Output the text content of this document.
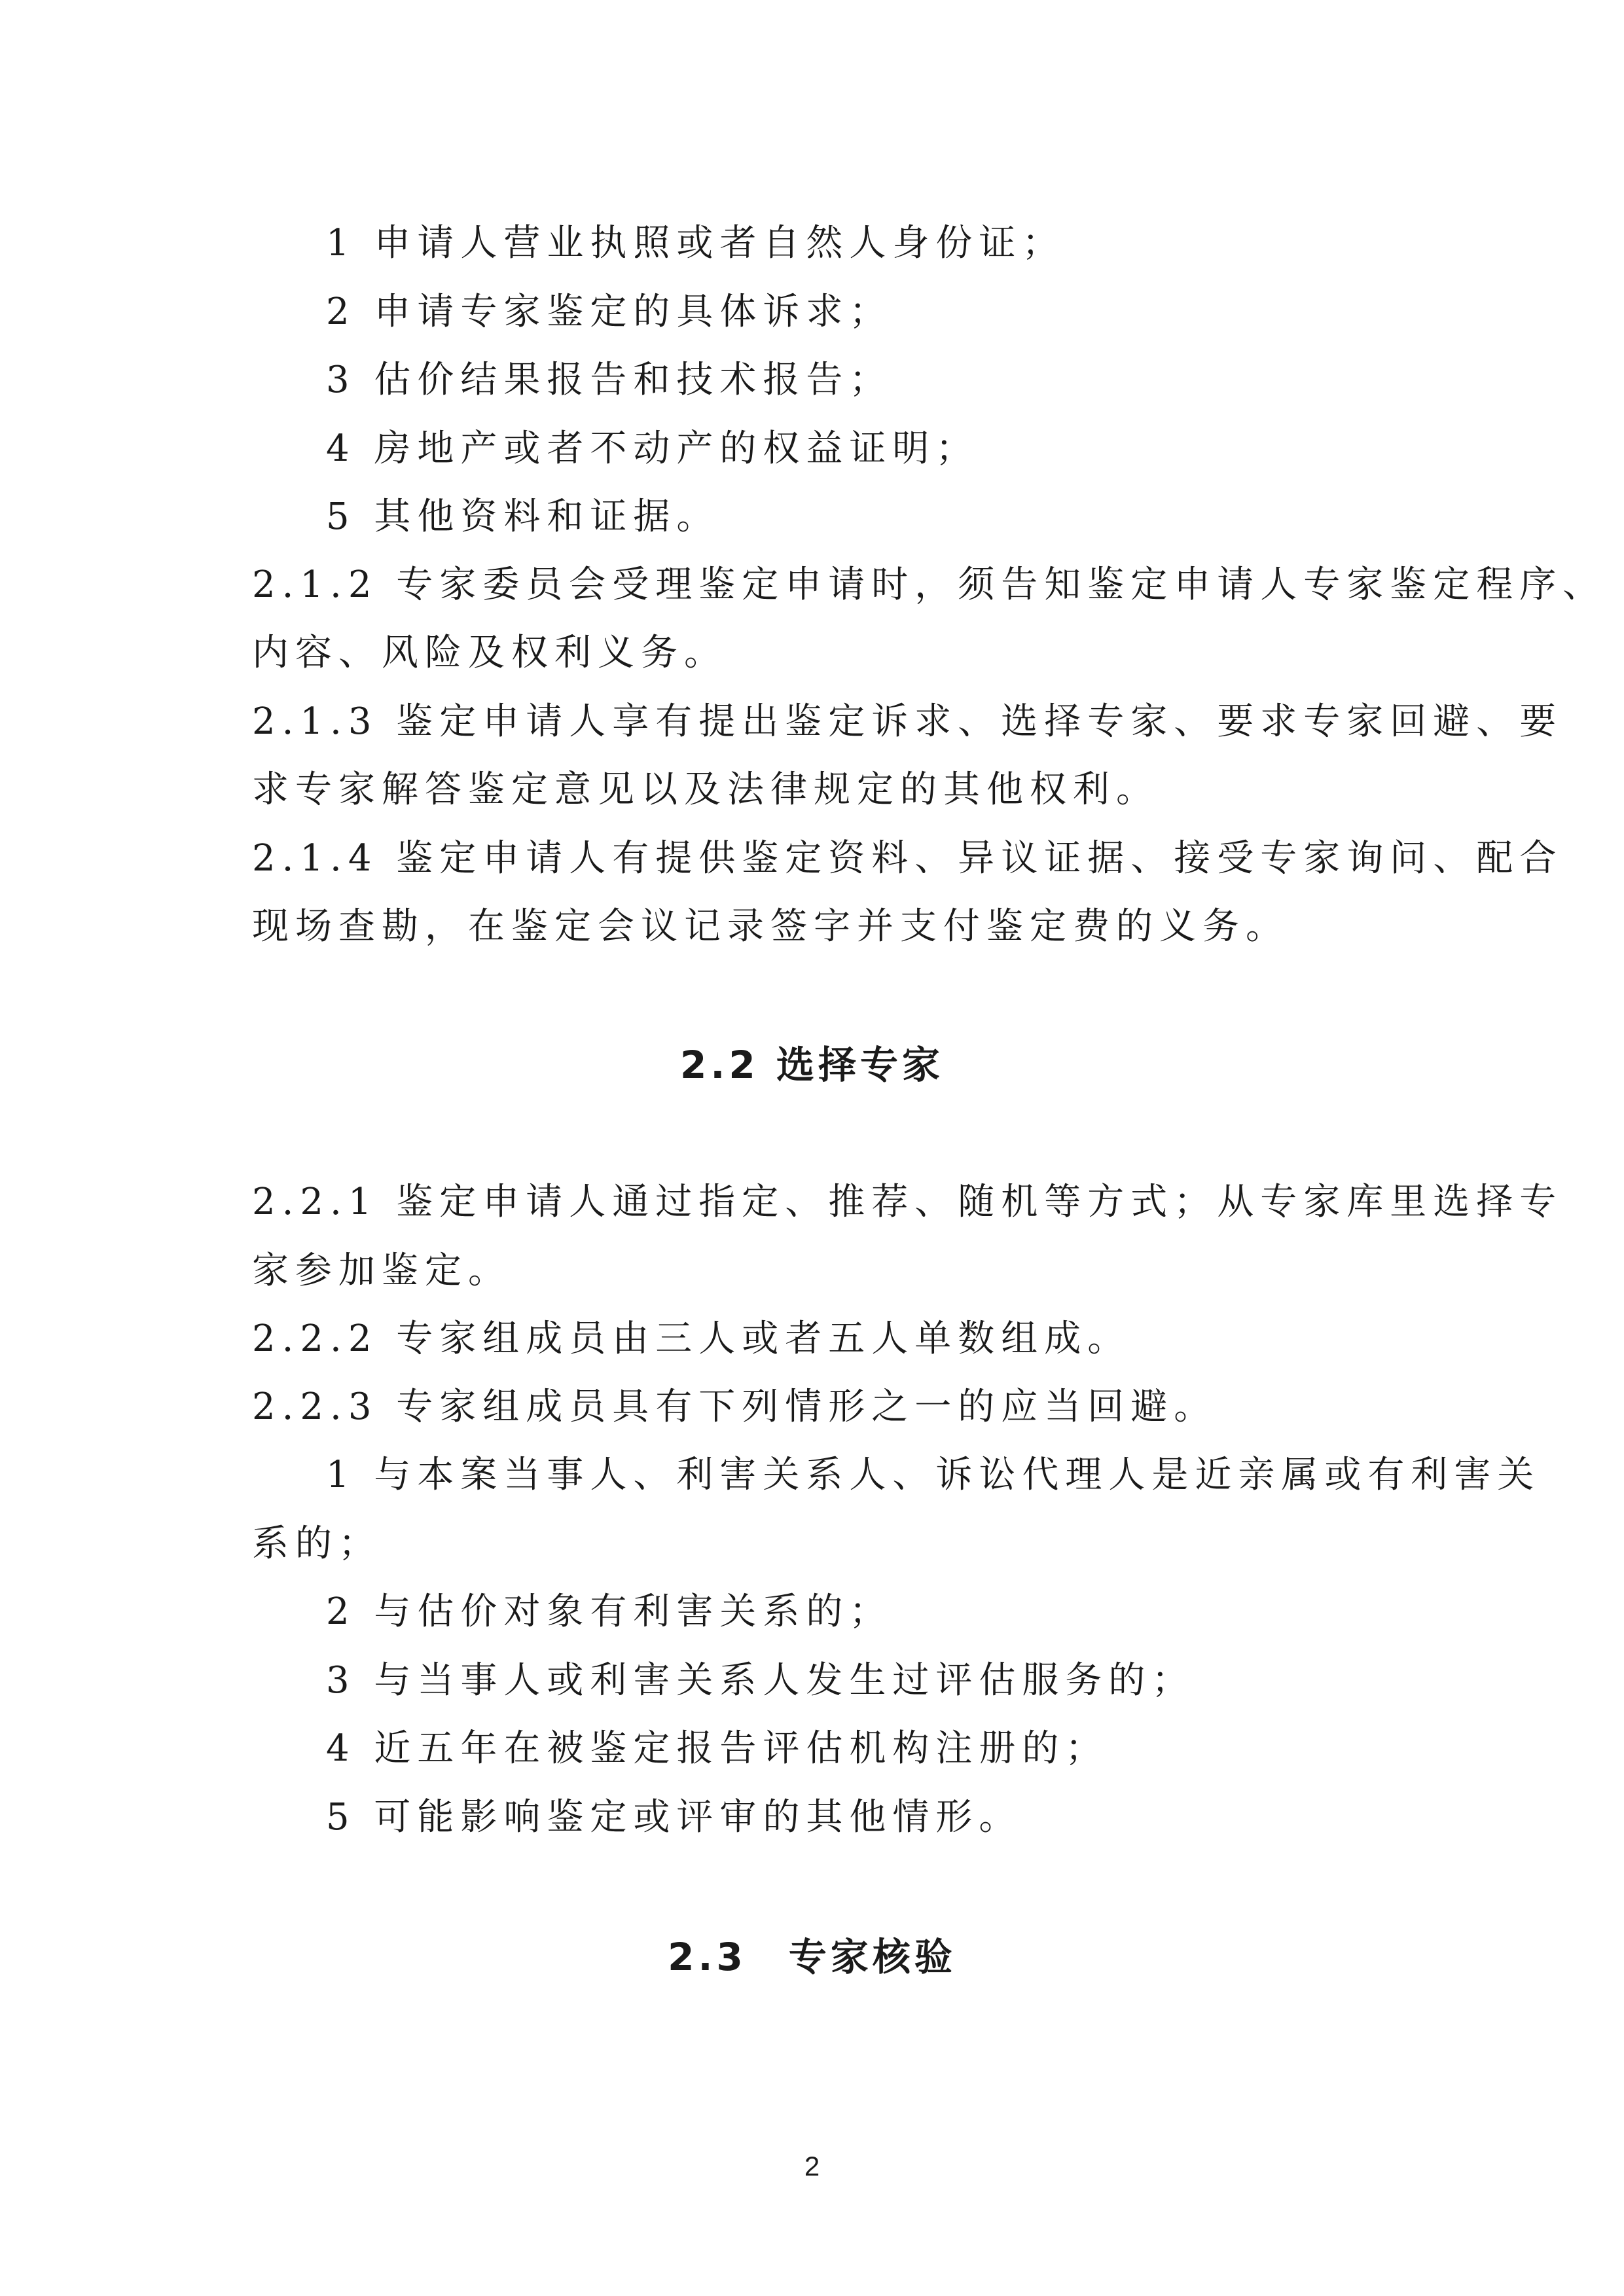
1 申请人营业执照或者自然人身份证；
2 申请专家鉴定的具体诉求；
3 估价结果报告和技术报告；
4 房地产或者不动产的权益证明；
5 其他资料和证据。
2.1.2 专家委员会受理鉴定申请时，须告知鉴定申请人专家鉴定程序、
内容、风险及权利义务。
2.1.3 鉴定申请人享有提出鉴定诉求、选择专家、要求专家回避、要
求专家解答鉴定意见以及法律规定的其他权利。
2.1.4 鉴定申请人有提供鉴定资料、异议证据、接受专家询问、配合
现场查勘，在鉴定会议记录签字并支付鉴定费的义务。
2.2 选择专家
2.2.1 鉴定申请人通过指定、推荐、随机等方式；从专家库里选择专
家参加鉴定。
2.2.2 专家组成员由三人或者五人单数组成。
2.2.3 专家组成员具有下列情形之一的应当回避。
1 与本案当事人、利害关系人、诉讼代理人是近亲属或有利害关
系的；
2 与估价对象有利害关系的；
3 与当事人或利害关系人发生过评估服务的；
4 近五年在被鉴定报告评估机构注册的；
5 可能影响鉴定或评审的其他情形。
2.3　专家核验
2
